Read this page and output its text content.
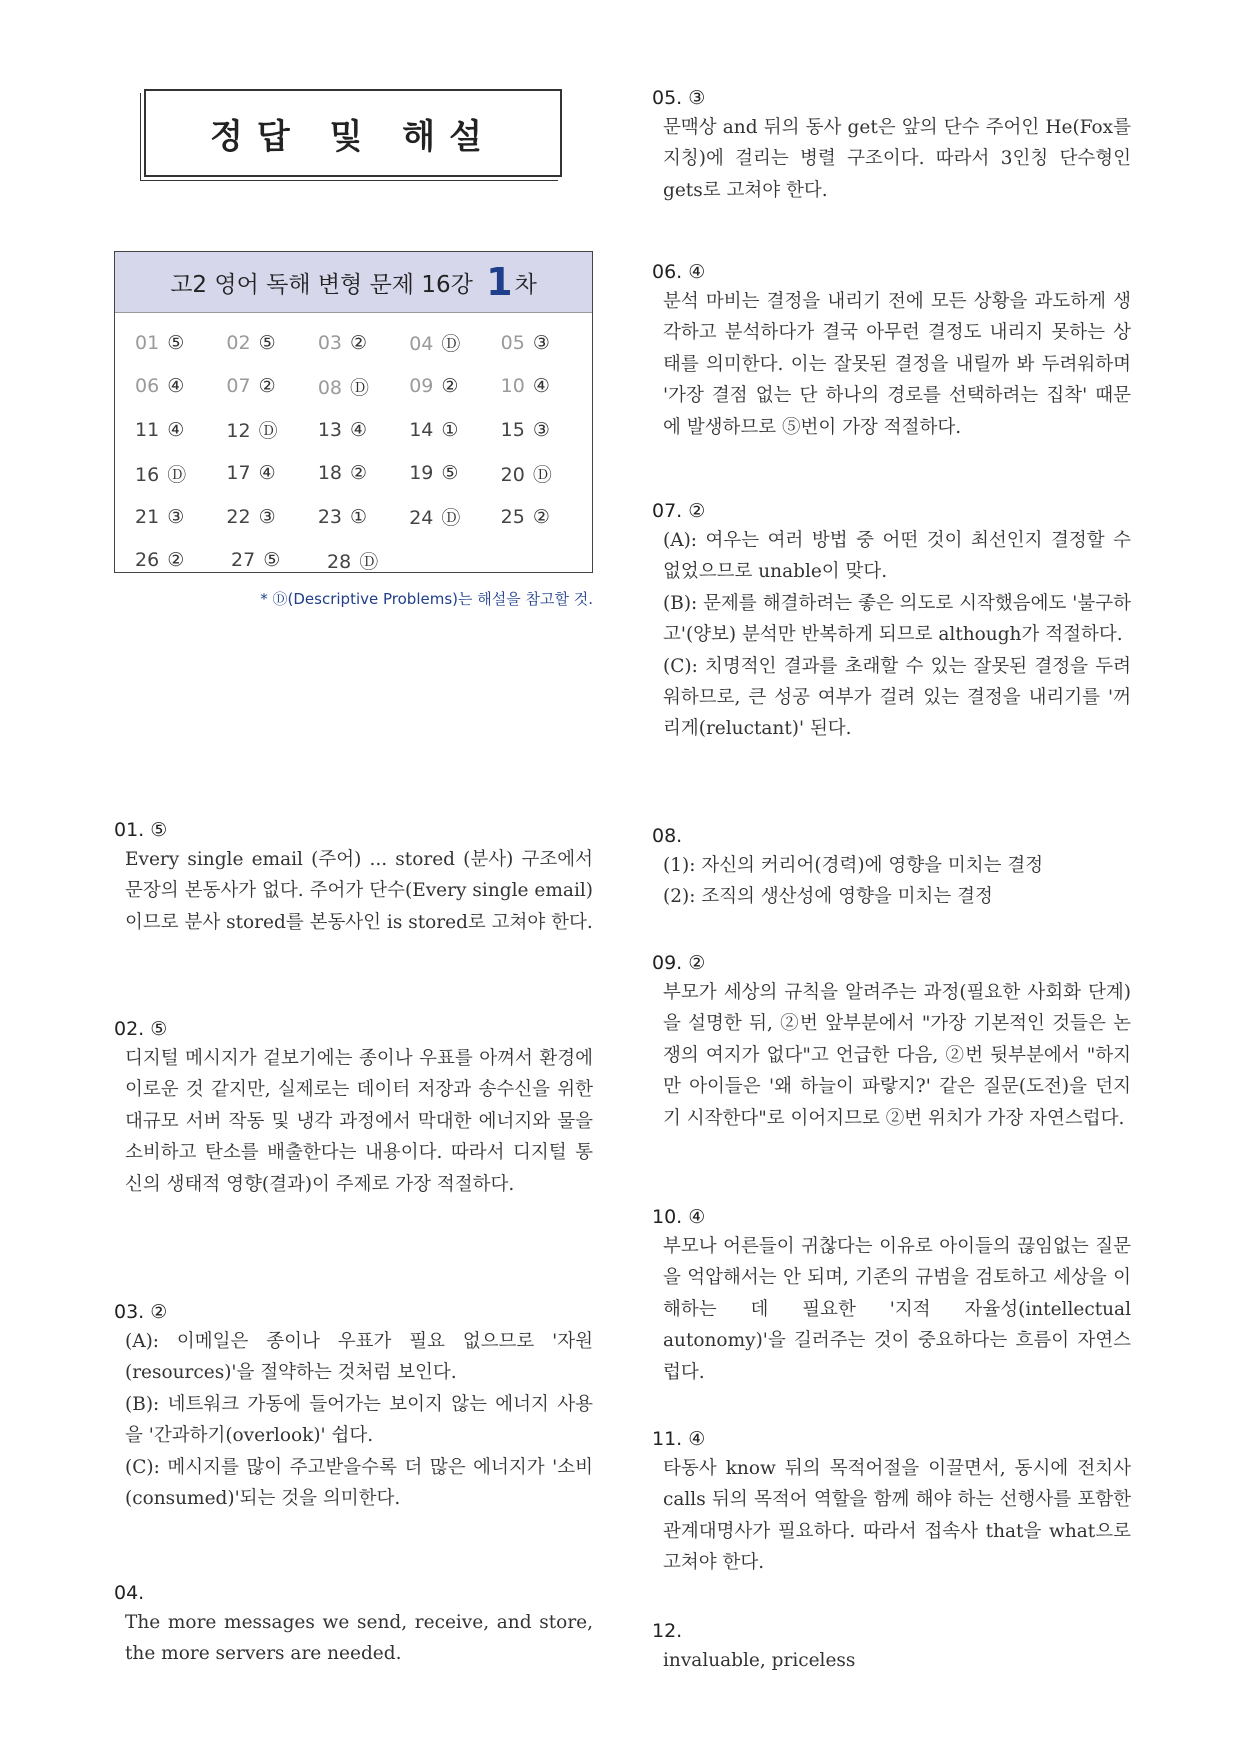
정답 및 해설
고2 영어 독해 변형 문제 16강 1 차
01 ⑤	02 ⑤	03 ②	04 Ⓓ	05 ③
06 ④	07 ②	08 Ⓓ	09 ②	10 ④
11 ④	12 Ⓓ	13 ④	14 ①	15 ③
16 Ⓓ	17 ④	18 ②	19 ⑤	20 Ⓓ
21 ③	22 ③	23 ①	24 Ⓓ	25 ②
26 ②	27 ⑤	28 Ⓓ
* Ⓓ(Descriptive Problems)는 해설을 참고할 것.
01. ⑤

Every single email (주어) ... stored (분사) 구조에서 문장의 본동사가 없다. 주어가 단수(Every single email)이므로 분사 stored를 본동사인 is stored로 고쳐야 한다.

02. ⑤

디지털 메시지가 겉보기에는 종이나 우표를 아껴서 환경에 이로운 것 같지만, 실제로는 데이터 저장과 송수신을 위한 대규모 서버 작동 및 냉각 과정에서 막대한 에너지와 물을 소비하고 탄소를 배출한다는 내용이다. 따라서 디지털 통신의 생태적 영향(결과)이 주제로 가장 적절하다.

03. ②

(A): 이메일은 종이나 우표가 필요 없으므로 '자원(resources)'을 절약하는 것처럼 보인다.

(B): 네트워크 가동에 들어가는 보이지 않는 에너지 사용을 '간과하기(overlook)' 쉽다.

(C): 메시지를 많이 주고받을수록 더 많은 에너지가 '소비(consumed)'되는 것을 의미한다.

04.

The more messages we send, receive, and store, the more servers are needed.

05. ③

문맥상 and 뒤의 동사 get은 앞의 단수 주어인 He(Fox를 지칭)에 걸리는 병렬 구조이다. 따라서 3인칭 단수형인 gets로 고쳐야 한다.

06. ④

분석 마비는 결정을 내리기 전에 모든 상황을 과도하게 생각하고 분석하다가 결국 아무런 결정도 내리지 못하는 상태를 의미한다. 이는 잘못된 결정을 내릴까 봐 두려워하며 '가장 결점 없는 단 하나의 경로를 선택하려는 집착' 때문에 발생하므로 ⑤번이 가장 적절하다.

07. ②

(A): 여우는 여러 방법 중 어떤 것이 최선인지 결정할 수 없었으므로 unable이 맞다.

(B): 문제를 해결하려는 좋은 의도로 시작했음에도 '불구하고'(양보) 분석만 반복하게 되므로 although가 적절하다.

(C): 치명적인 결과를 초래할 수 있는 잘못된 결정을 두려워하므로, 큰 성공 여부가 걸려 있는 결정을 내리기를 '꺼리게(reluctant)' 된다.

08.

(1): 자신의 커리어(경력)에 영향을 미치는 결정

(2): 조직의 생산성에 영향을 미치는 결정

09. ②

부모가 세상의 규칙을 알려주는 과정(필요한 사회화 단계)을 설명한 뒤, ②번 앞부분에서 "가장 기본적인 것들은 논쟁의 여지가 없다"고 언급한 다음, ②번 뒷부분에서 "하지만 아이들은 '왜 하늘이 파랗지?' 같은 질문(도전)을 던지기 시작한다"로 이어지므로 ②번 위치가 가장 자연스럽다.

10. ④

부모나 어른들이 귀찮다는 이유로 아이들의 끊임없는 질문을 억압해서는 안 되며, 기존의 규범을 검토하고 세상을 이해하는 데 필요한 '지적 자율성(intellectual autonomy)'을 길러주는 것이 중요하다는 흐름이 자연스럽다.

11. ④

타동사 know 뒤의 목적어절을 이끌면서, 동시에 전치사 calls 뒤의 목적어 역할을 함께 해야 하는 선행사를 포함한 관계대명사가 필요하다. 따라서 접속사 that을 what으로 고쳐야 한다.

12.

invaluable, priceless
